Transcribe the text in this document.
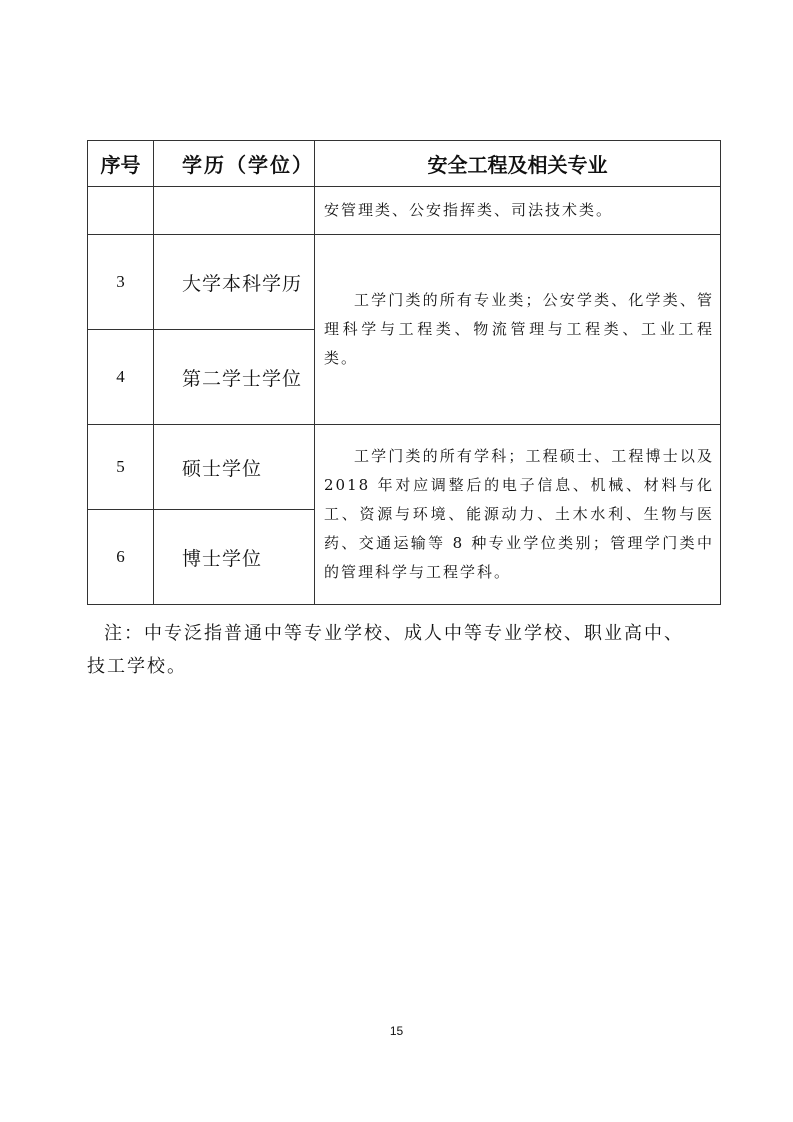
序号	学历（学位）	安全工程及相关专业
		安管理类、公安指挥类、司法技术类。
3	大学本科学历	工学门类的所有专业类；公安学类、化学类、管理科学与工程类、物流管理与工程类、工业工程类。
4	第二学士学位	
5	硕士学位	工学门类的所有学科；工程硕士、工程博士以及 2018 年对应调整后的电子信息、机械、材料与化工、资源与环境、能源动力、土木水利、生物与医药、交通运输等 8 种专业学位类别；管理学门类中的管理科学与工程学科。
6	博士学位	
注：中专泛指普通中等专业学校、成人中等专业学校、职业高中、
技工学校。
15
